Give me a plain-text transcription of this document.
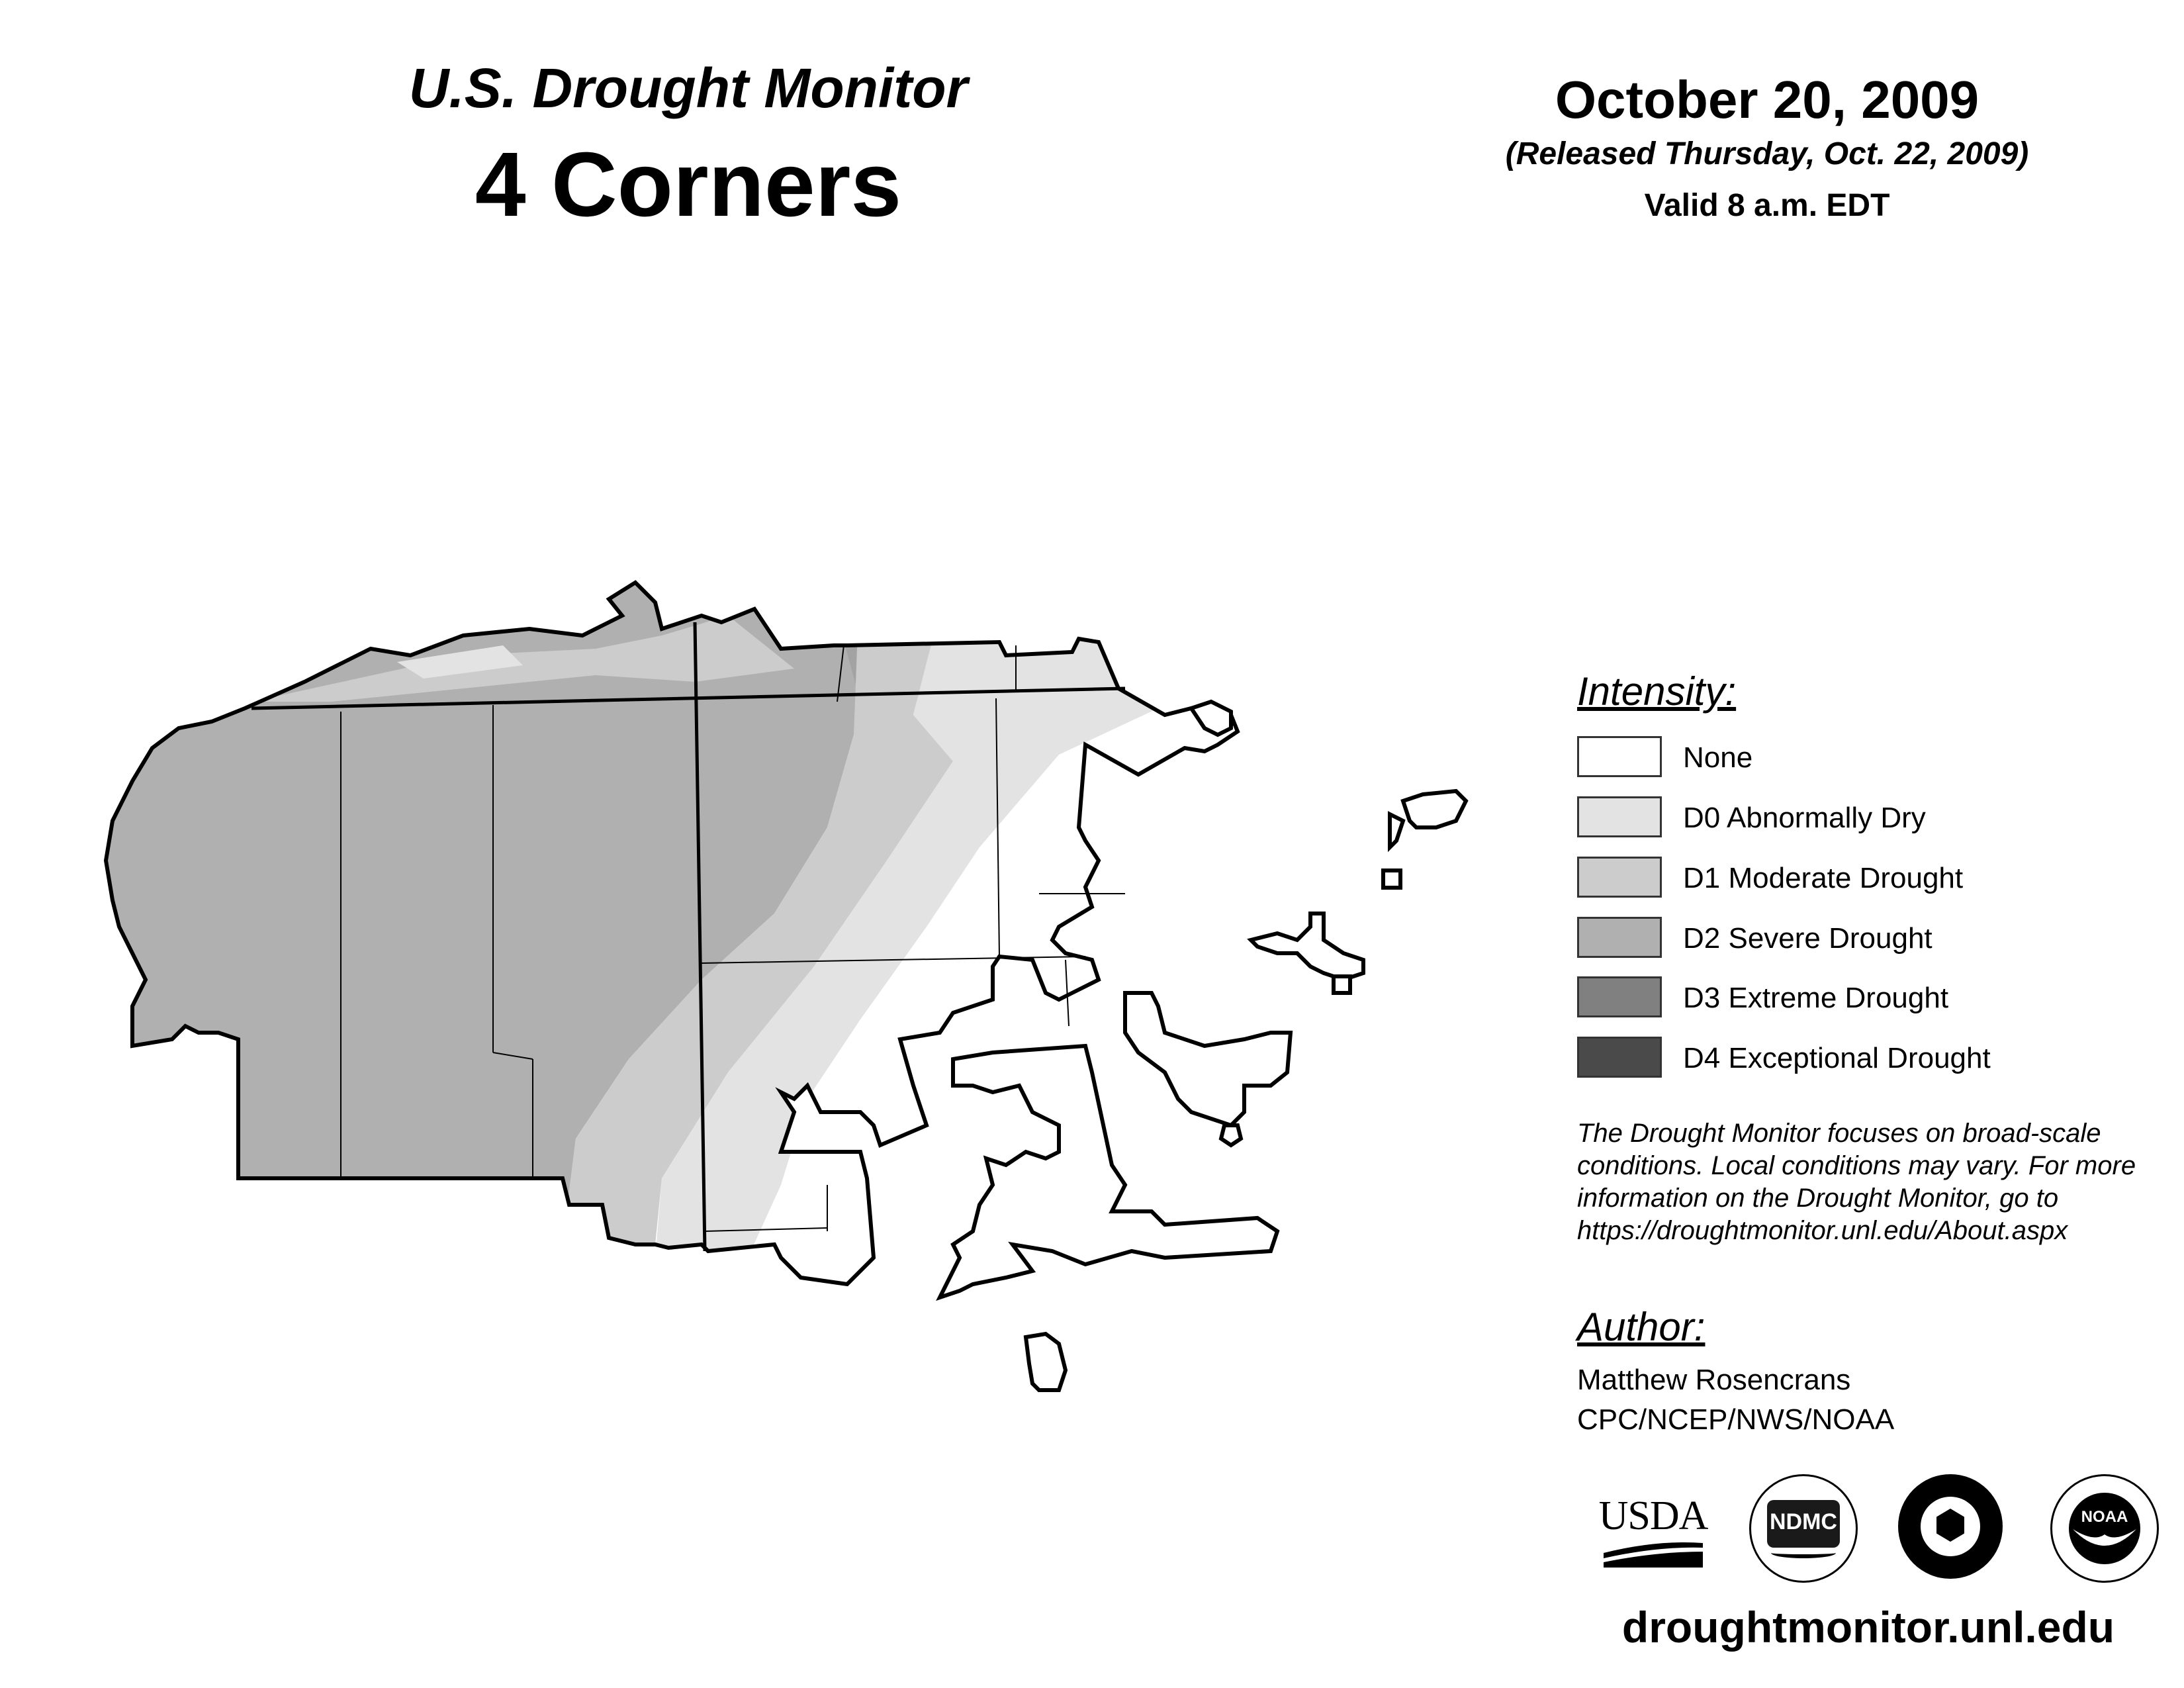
U.S. Drought Monitor
4 Corners
October 20, 2009
(Released Thursday, Oct. 22, 2009)
Valid 8 a.m. EDT
Intensity:
None
D0 Abnormally Dry
D1 Moderate Drought
D2 Severe Drought
D3 Extreme Drought
D4 Exceptional Drought
The Drought Monitor focuses on broad-scale conditions. Local conditions may vary. For more information on the Drought Monitor, go to https://droughtmonitor.unl.edu/About.aspx
Author:
Matthew Rosencrans
CPC/NCEP/NWS/NOAA
USDA	NDMC	NOAA
droughtmonitor.unl.edu
